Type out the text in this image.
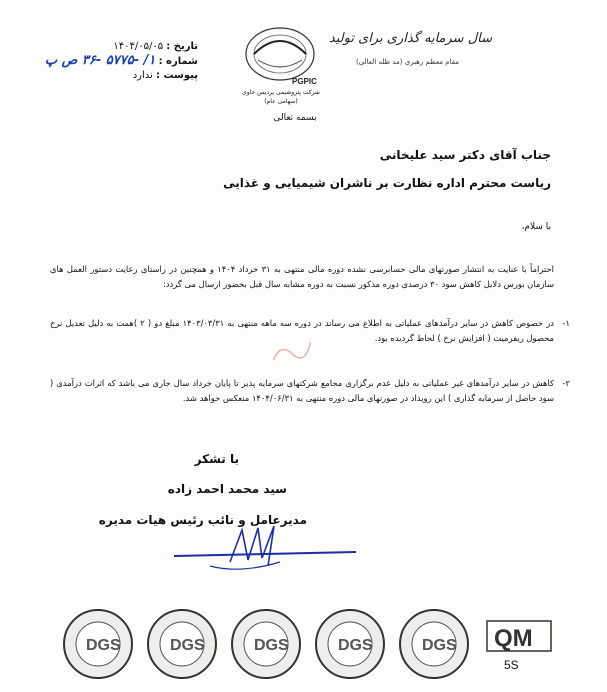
تاریخ : ۱۴۰۴/۰۵/۰۵
شماره : ۱/ -۵۷۷۵ -۳۶ ص پ
پیوست : ندارد
PGPIC
شرکت پتروشیمی پردیس حاوی (سهامی عام)
بسمه تعالی
سال سرمایه گذاری برای تولید
مقام معظم رهبری (مد ظله العالی)
جناب آقای دکتر سید علیخانی
ریاست محترم اداره نظارت بر ناشران شیمیایی و غذایی
با سلام،
احتراماً با عنایت به انتشار صورتهای مالی حسابرسی نشده دوره مالی منتهی به ۳۱ خرداد ۱۴۰۴ و همچنین در راستای رعایت دستور العمل های سازمان بورس دلایل کاهش سود ۳۰ درصدی دوره مذکور نسبت به دوره مشابه سال قبل بحضور ارسال می گردد:
۱-
در خصوص کاهش در سایر درآمدهای عملیاتی به اطلاع می رساند در دوره سه ماهه منتهی به ۱۴۰۳/۰۳/۳۱ مبلغ دو ( ۲ )همت به دلیل تعدیل نرخ محصول ریفرمیت ( افزایش نرخ ) لحاظ گردیده بود.
۲-
کاهش در سایر درآمدهای غیر عملیاتی به دلیل عدم برگزاری مجامع شرکتهای سرمایه پذیر تا پایان خرداد سال جاری می باشد که اثرات درآمدی ( سود حاصل از سرمایه گذاری ) این رویداد در صورتهای مالی دوره منتهی به ۱۴۰۴/۰۶/۳۱ منعکس خواهد شد.
با تشکر
سید محمد احمد زاده
مدیرعامل و نائب رئیس هیات مدیره
DGS	DGS	DGS	DGS	DGS QM
5S
